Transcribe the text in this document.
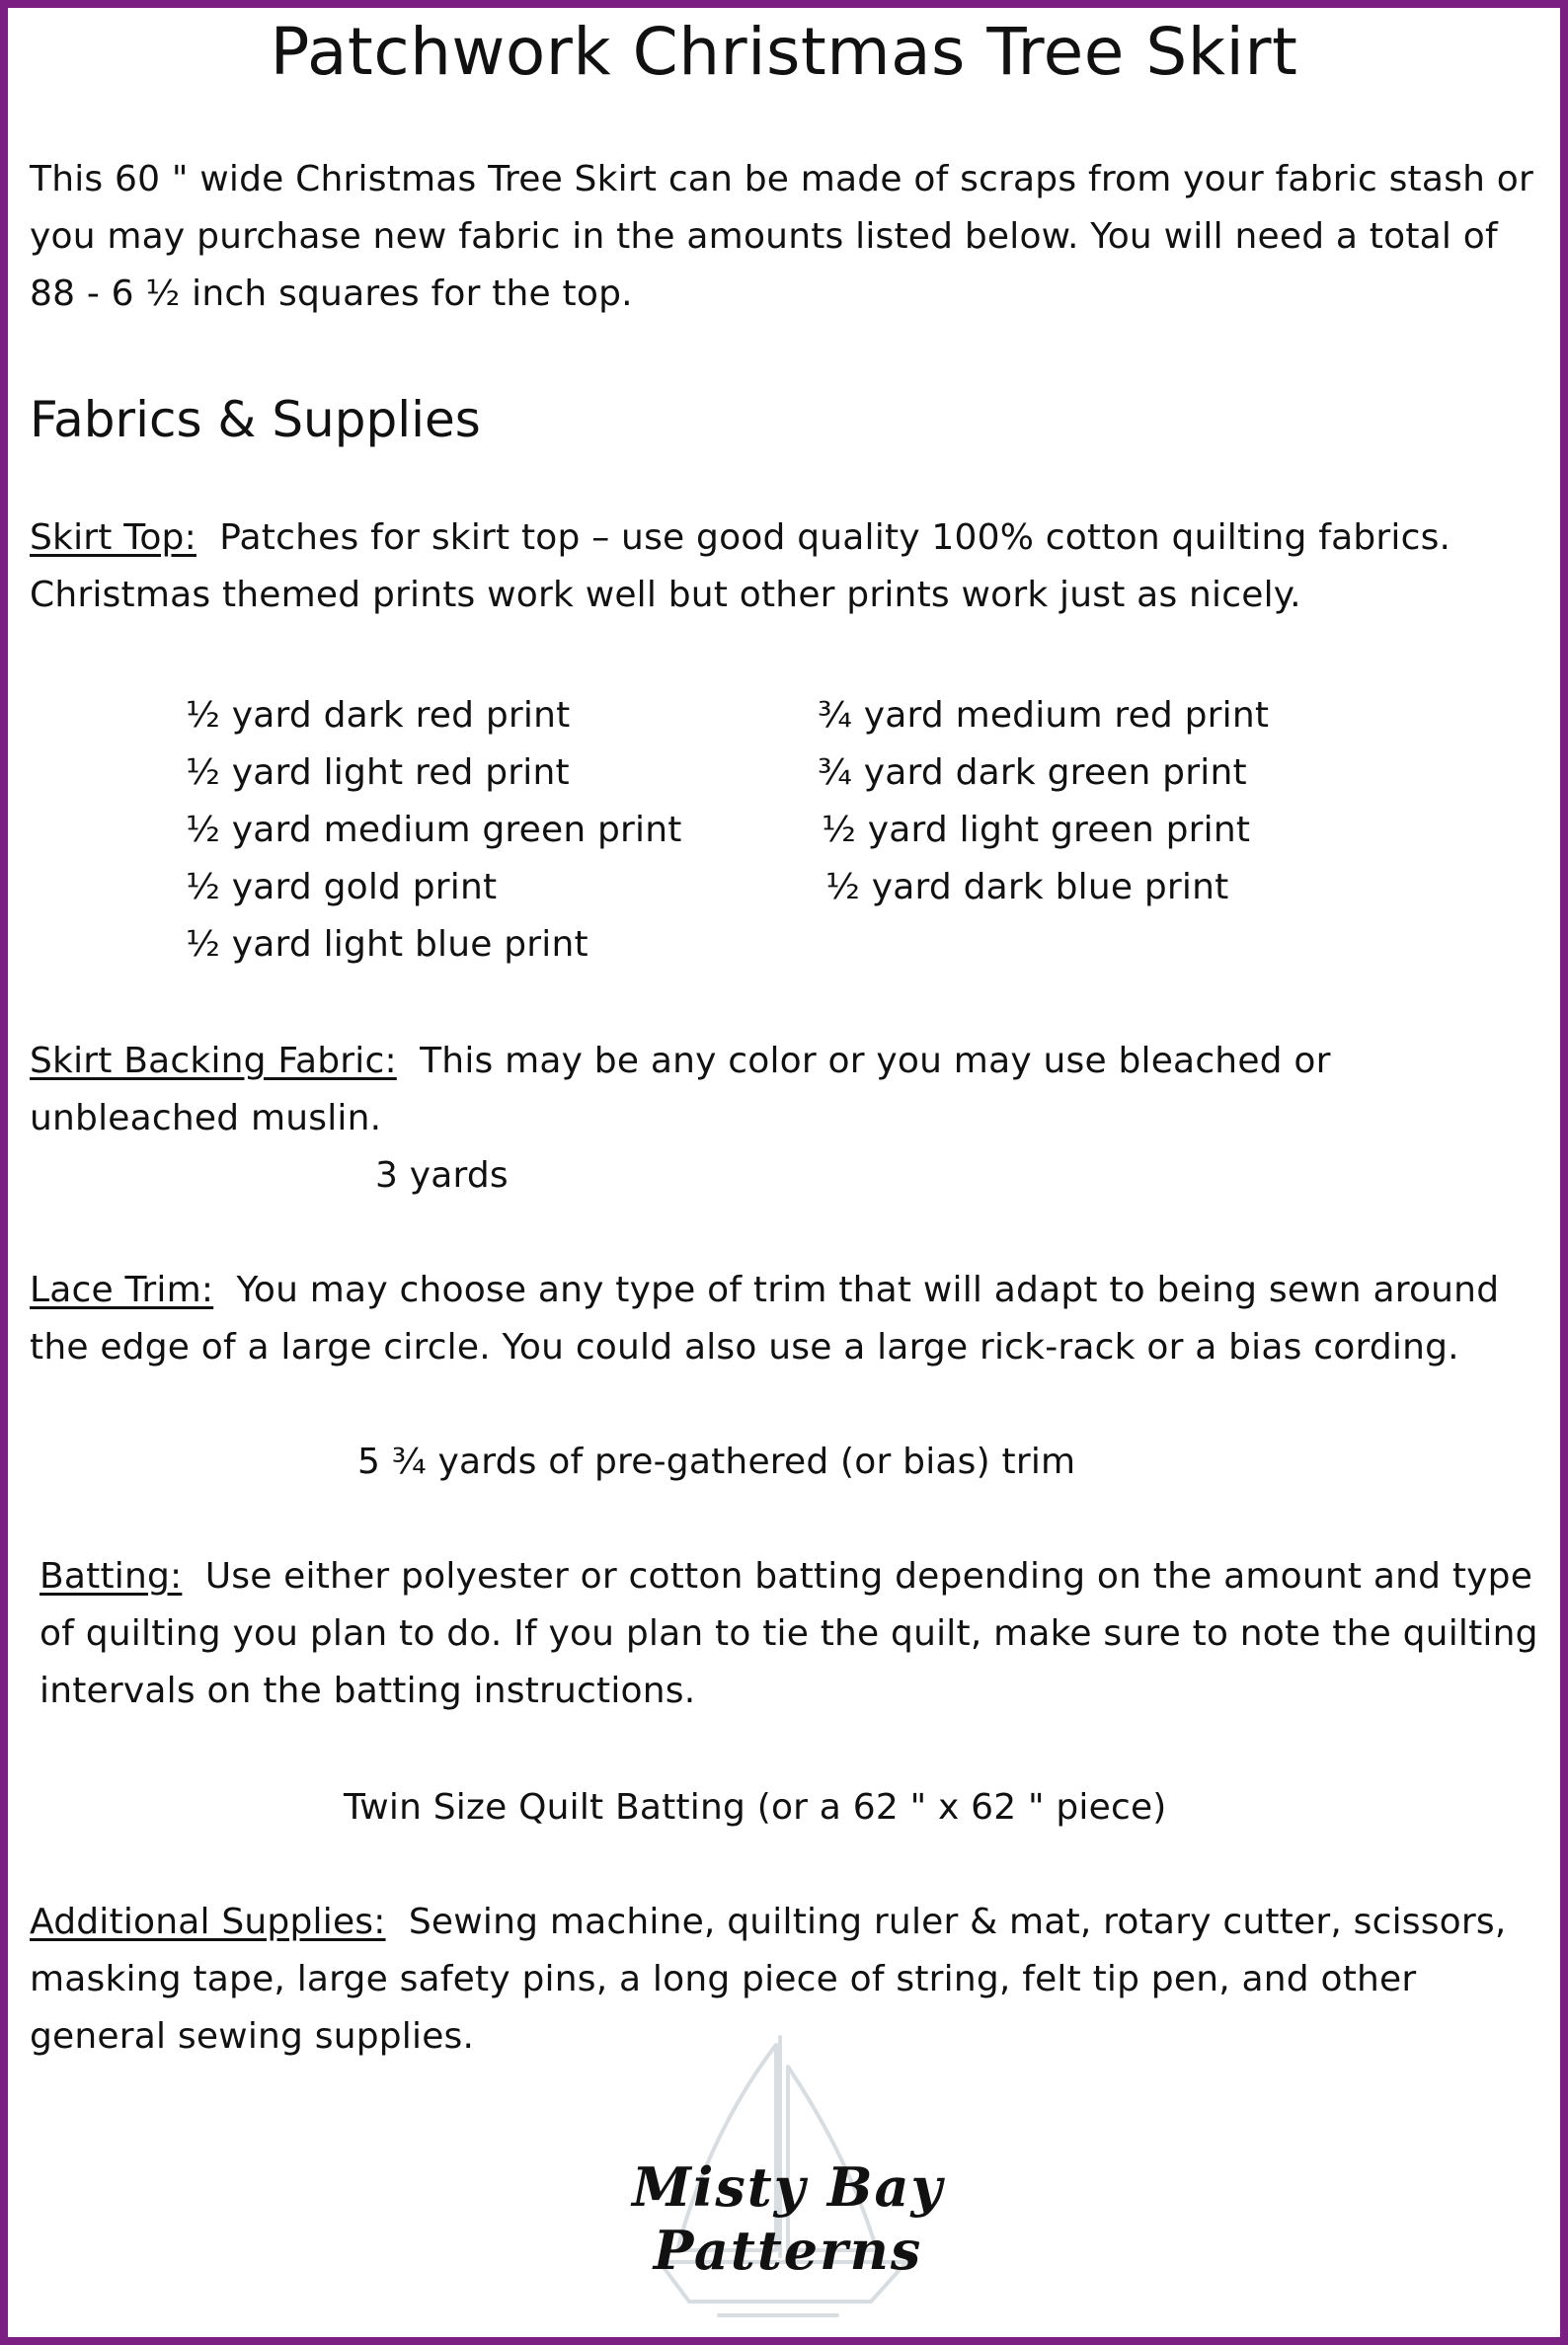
Patchwork Christmas Tree Skirt
This 60 " wide Christmas Tree Skirt can be made of scraps from your fabric stash or you may purchase new fabric in the amounts listed below. You will need a total of 88 - 6 ½ inch squares for the top.
Fabrics & Supplies
Skirt Top: Patches for skirt top – use good quality 100% cotton quilting fabrics. Christmas themed prints work well but other prints work just as nicely.
½ yard dark red print
½ yard light red print
½ yard medium green print
½ yard gold print
½ yard light blue print
¾ yard medium red print
¾ yard dark green print
½ yard light green print
½ yard dark blue print
Skirt Backing Fabric: This may be any color or you may use bleached or unbleached muslin.
3 yards
Lace Trim: You may choose any type of trim that will adapt to being sewn around the edge of a large circle. You could also use a large rick-rack or a bias cording.
5 ¾ yards of pre-gathered (or bias) trim
Batting: Use either polyester or cotton batting depending on the amount and type of quilting you plan to do. If you plan to tie the quilt, make sure to note the quilting intervals on the batting instructions.
Twin Size Quilt Batting (or a 62 " x 62 " piece)
Additional Supplies: Sewing machine, quilting ruler & mat, rotary cutter, scissors, masking tape, large safety pins, a long piece of string, felt tip pen, and other general sewing supplies.
Misty Bay Patterns
